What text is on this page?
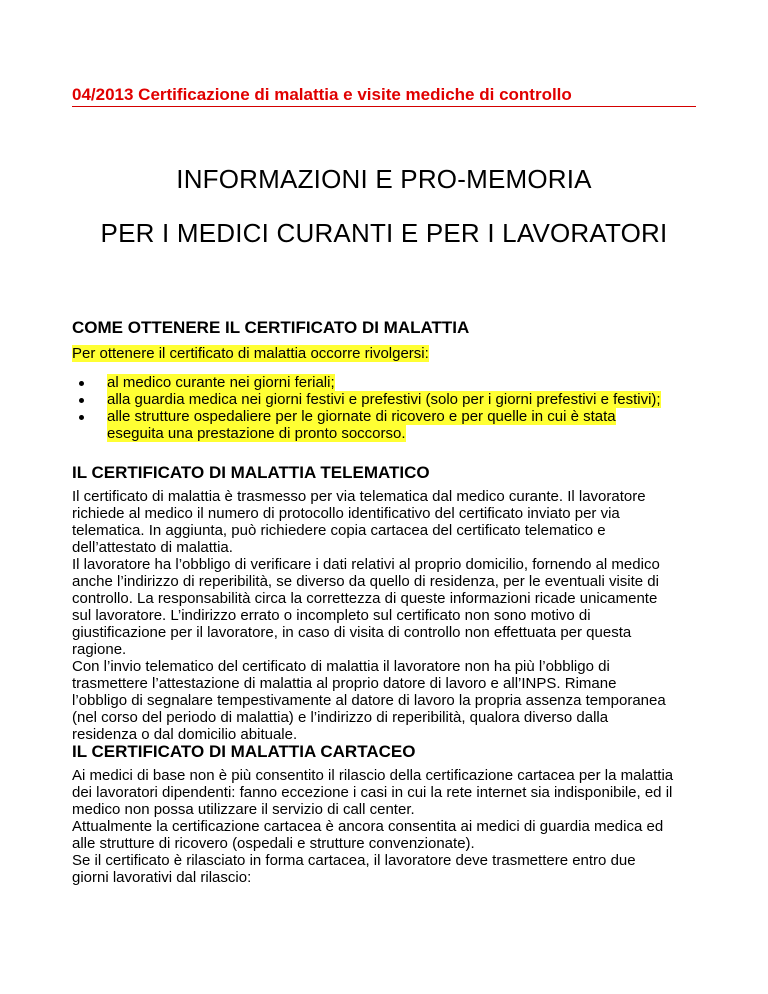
04/2013 Certificazione di malattia e visite mediche di controllo
INFORMAZIONI E PRO-MEMORIA
PER I MEDICI CURANTI E PER I LAVORATORI
COME OTTENERE IL CERTIFICATO DI MALATTIA
Per ottenere il certificato di malattia occorre rivolgersi:
al medico curante nei giorni feriali;
alla guardia medica nei giorni festivi e prefestivi (solo per i giorni prefestivi e festivi);
alle strutture ospedaliere per le giornate di ricovero e per quelle in cui è stata
eseguita una prestazione di pronto soccorso.
IL CERTIFICATO DI MALATTIA TELEMATICO
Il certificato di malattia è trasmesso per via telematica dal medico curante. Il lavoratore
richiede al medico il numero di protocollo identificativo del certificato inviato per via
telematica. In aggiunta, può richiedere copia cartacea del certificato telematico e
dell’attestato di malattia.
Il lavoratore ha l’obbligo di verificare i dati relativi al proprio domicilio, fornendo al medico
anche l’indirizzo di reperibilità, se diverso da quello di residenza, per le eventuali visite di
controllo. La responsabilità circa la correttezza di queste informazioni ricade unicamente
sul lavoratore. L’indirizzo errato o incompleto sul certificato non sono motivo di
giustificazione per il lavoratore, in caso di visita di controllo non effettuata per questa
ragione.
Con l’invio telematico del certificato di malattia il lavoratore non ha più l’obbligo di
trasmettere l’attestazione di malattia al proprio datore di lavoro e all’INPS. Rimane
l’obbligo di segnalare tempestivamente al datore di lavoro la propria assenza temporanea
(nel corso del periodo di malattia) e l’indirizzo di reperibilità, qualora diverso dalla
residenza o dal domicilio abituale.
IL CERTIFICATO DI MALATTIA CARTACEO
Ai medici di base non è più consentito il rilascio della certificazione cartacea per la malattia
dei lavoratori dipendenti: fanno eccezione i casi in cui la rete internet sia indisponibile, ed il
medico non possa utilizzare il servizio di call center.
Attualmente la certificazione cartacea è ancora consentita ai medici di guardia medica ed
alle strutture di ricovero (ospedali e strutture convenzionate).
Se il certificato è rilasciato in forma cartacea, il lavoratore deve trasmettere entro due
giorni lavorativi dal rilascio:
